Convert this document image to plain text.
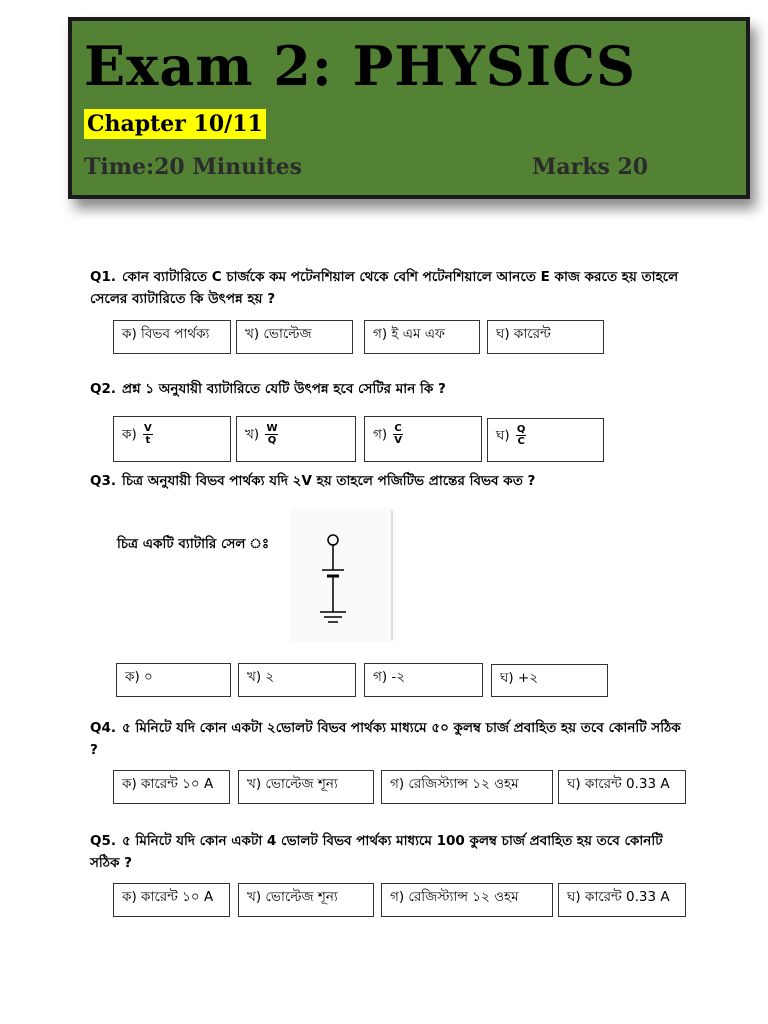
Exam 2: PHYSICS
Chapter 10/11
Time:20 Minuites	Marks 20
Q1. কোন ব্যাটারিতে C চার্জকে কম পটেনশিয়াল থেকে বেশি পটেনশিয়ালে আনতে E কাজ করতে হয় তাহলে সেলের ব্যাটারিতে কি উৎপন্ন হয় ?
ক) বিভব পার্থক্য	খ) ভোল্টেজ	গ) ই এম এফ	ঘ) কারেন্ট
Q2. প্রশ্ন ১ অনুযায়ী ব্যাটারিতে যেটি উৎপন্ন হবে সেটির মান কি ?
ক) $\frac{V}{t}$	খ) $\frac{W}{Q}$	গ) $\frac{C}{V}$	ঘ) $\frac{Q}{C}$
Q3. চিত্র অনুযায়ী বিভব পার্থক্য যদি ২V হয় তাহলে পজিটিভ প্রান্তের বিভব কত ?
চিত্র একটি ব্যাটারি সেল ঃ
ক) ০	খ) ২	গ) -২	ঘ) +২
Q4. ৫ মিনিটে যদি কোন একটা ২ভোলট বিভব পার্থক্য মাধ্যমে ৫০ কুলম্ব চার্জ প্রবাহিত হয় তবে কোনটি সঠিক ?
ক) কারেন্ট ১০ A	খ) ভোল্টেজ শূন্য	গ) রেজিস্ট্যান্স ১২ ওহম	ঘ) কারেন্ট 0.33 A
Q5. ৫ মিনিটে যদি কোন একটা 4 ভোলট বিভব পার্থক্য মাধ্যমে 100 কুলম্ব চার্জ প্রবাহিত হয় তবে কোনটি সঠিক ?
ক) কারেন্ট ১০ A	খ) ভোল্টেজ শূন্য	গ) রেজিস্ট্যান্স ১২ ওহম	ঘ) কারেন্ট 0.33 A
